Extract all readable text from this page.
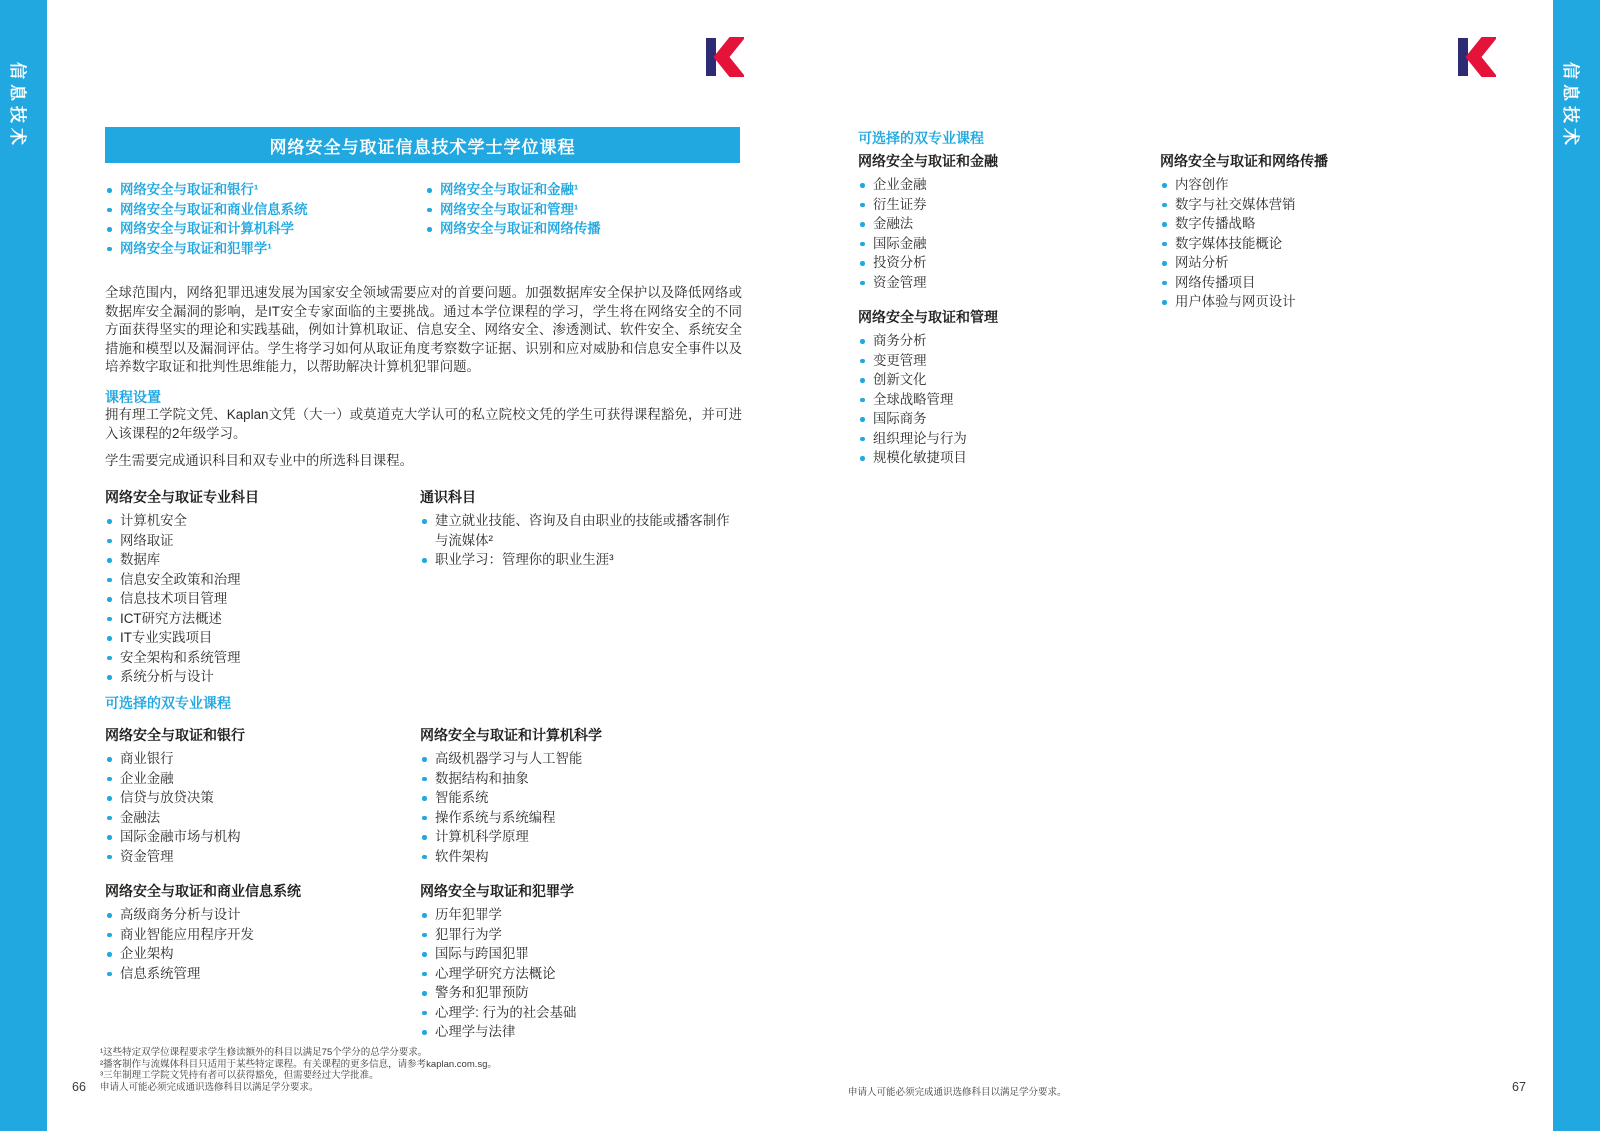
信息技术	信息技术
网络安全与取证信息技术学士学位课程
网络安全与取证和银行¹
网络安全与取证和商业信息系统
网络安全与取证和计算机科学
网络安全与取证和犯罪学¹
网络安全与取证和金融¹
网络安全与取证和管理¹
网络安全与取证和网络传播

全球范围内，网络犯罪迅速发展为国家安全领域需要应对的首要问题。加强数据库安全保护以及降低网络或数据库安全漏洞的影响，是IT安全专家面临的主要挑战。通过本学位课程的学习，学生将在网络安全的不同方面获得坚实的理论和实践基础，例如计算机取证、信息安全、网络安全、渗透测试、软件安全、系统安全措施和模型以及漏洞评估。学生将学习如何从取证角度考察数字证据、识别和应对威胁和信息安全事件以及培养数字取证和批判性思维能力，以帮助解决计算机犯罪问题。

课程设置

拥有理工学院文凭、Kaplan文凭（大一）或莫道克大学认可的私立院校文凭的学生可获得课程豁免，并可进入该课程的2年级学习。

学生需要完成通识科目和双专业中的所选科目课程。

网络安全与取证专业科目
计算机安全
网络取证
数据库
信息安全政策和治理
信息技术项目管理
ICT研究方法概述
IT专业实践项目
安全架构和系统管理
系统分析与设计
通识科目
建立就业技能、咨询及自由职业的技能或播客制作与流媒体²
职业学习：管理你的职业生涯³
可选择的双专业课程
网络安全与取证和银行
商业银行
企业金融
信贷与放贷决策
金融法
国际金融市场与机构
资金管理
网络安全与取证和计算机科学
高级机器学习与人工智能
数据结构和抽象
智能系统
操作系统与系统编程
计算机科学原理
软件架构
网络安全与取证和商业信息系统
高级商务分析与设计
商业智能应用程序开发
企业架构
信息系统管理
网络安全与取证和犯罪学
历年犯罪学
犯罪行为学
国际与跨国犯罪
心理学研究方法概论
警务和犯罪预防
心理学: 行为的社会基础
心理学与法律
¹这些特定双学位课程要求学生修读额外的科目以满足75个学分的总学分要求。
²播客制作与流媒体科目只适用于某些特定课程。有关课程的更多信息，请参考kaplan.com.sg。
³三年制理工学院文凭持有者可以获得豁免，但需要经过大学批准。
申请人可能必须完成通识选修科目以满足学分要求。
66
可选择的双专业课程
网络安全与取证和金融
企业金融
衍生证券
金融法
国际金融
投资分析
资金管理
网络安全与取证和管理
商务分析
变更管理
创新文化
全球战略管理
国际商务
组织理论与行为
规模化敏捷项目
网络安全与取证和网络传播
内容创作
数字与社交媒体营销
数字传播战略
数字媒体技能概论
网站分析
网络传播项目
用户体验与网页设计
申请人可能必须完成通识选修科目以满足学分要求。	67
